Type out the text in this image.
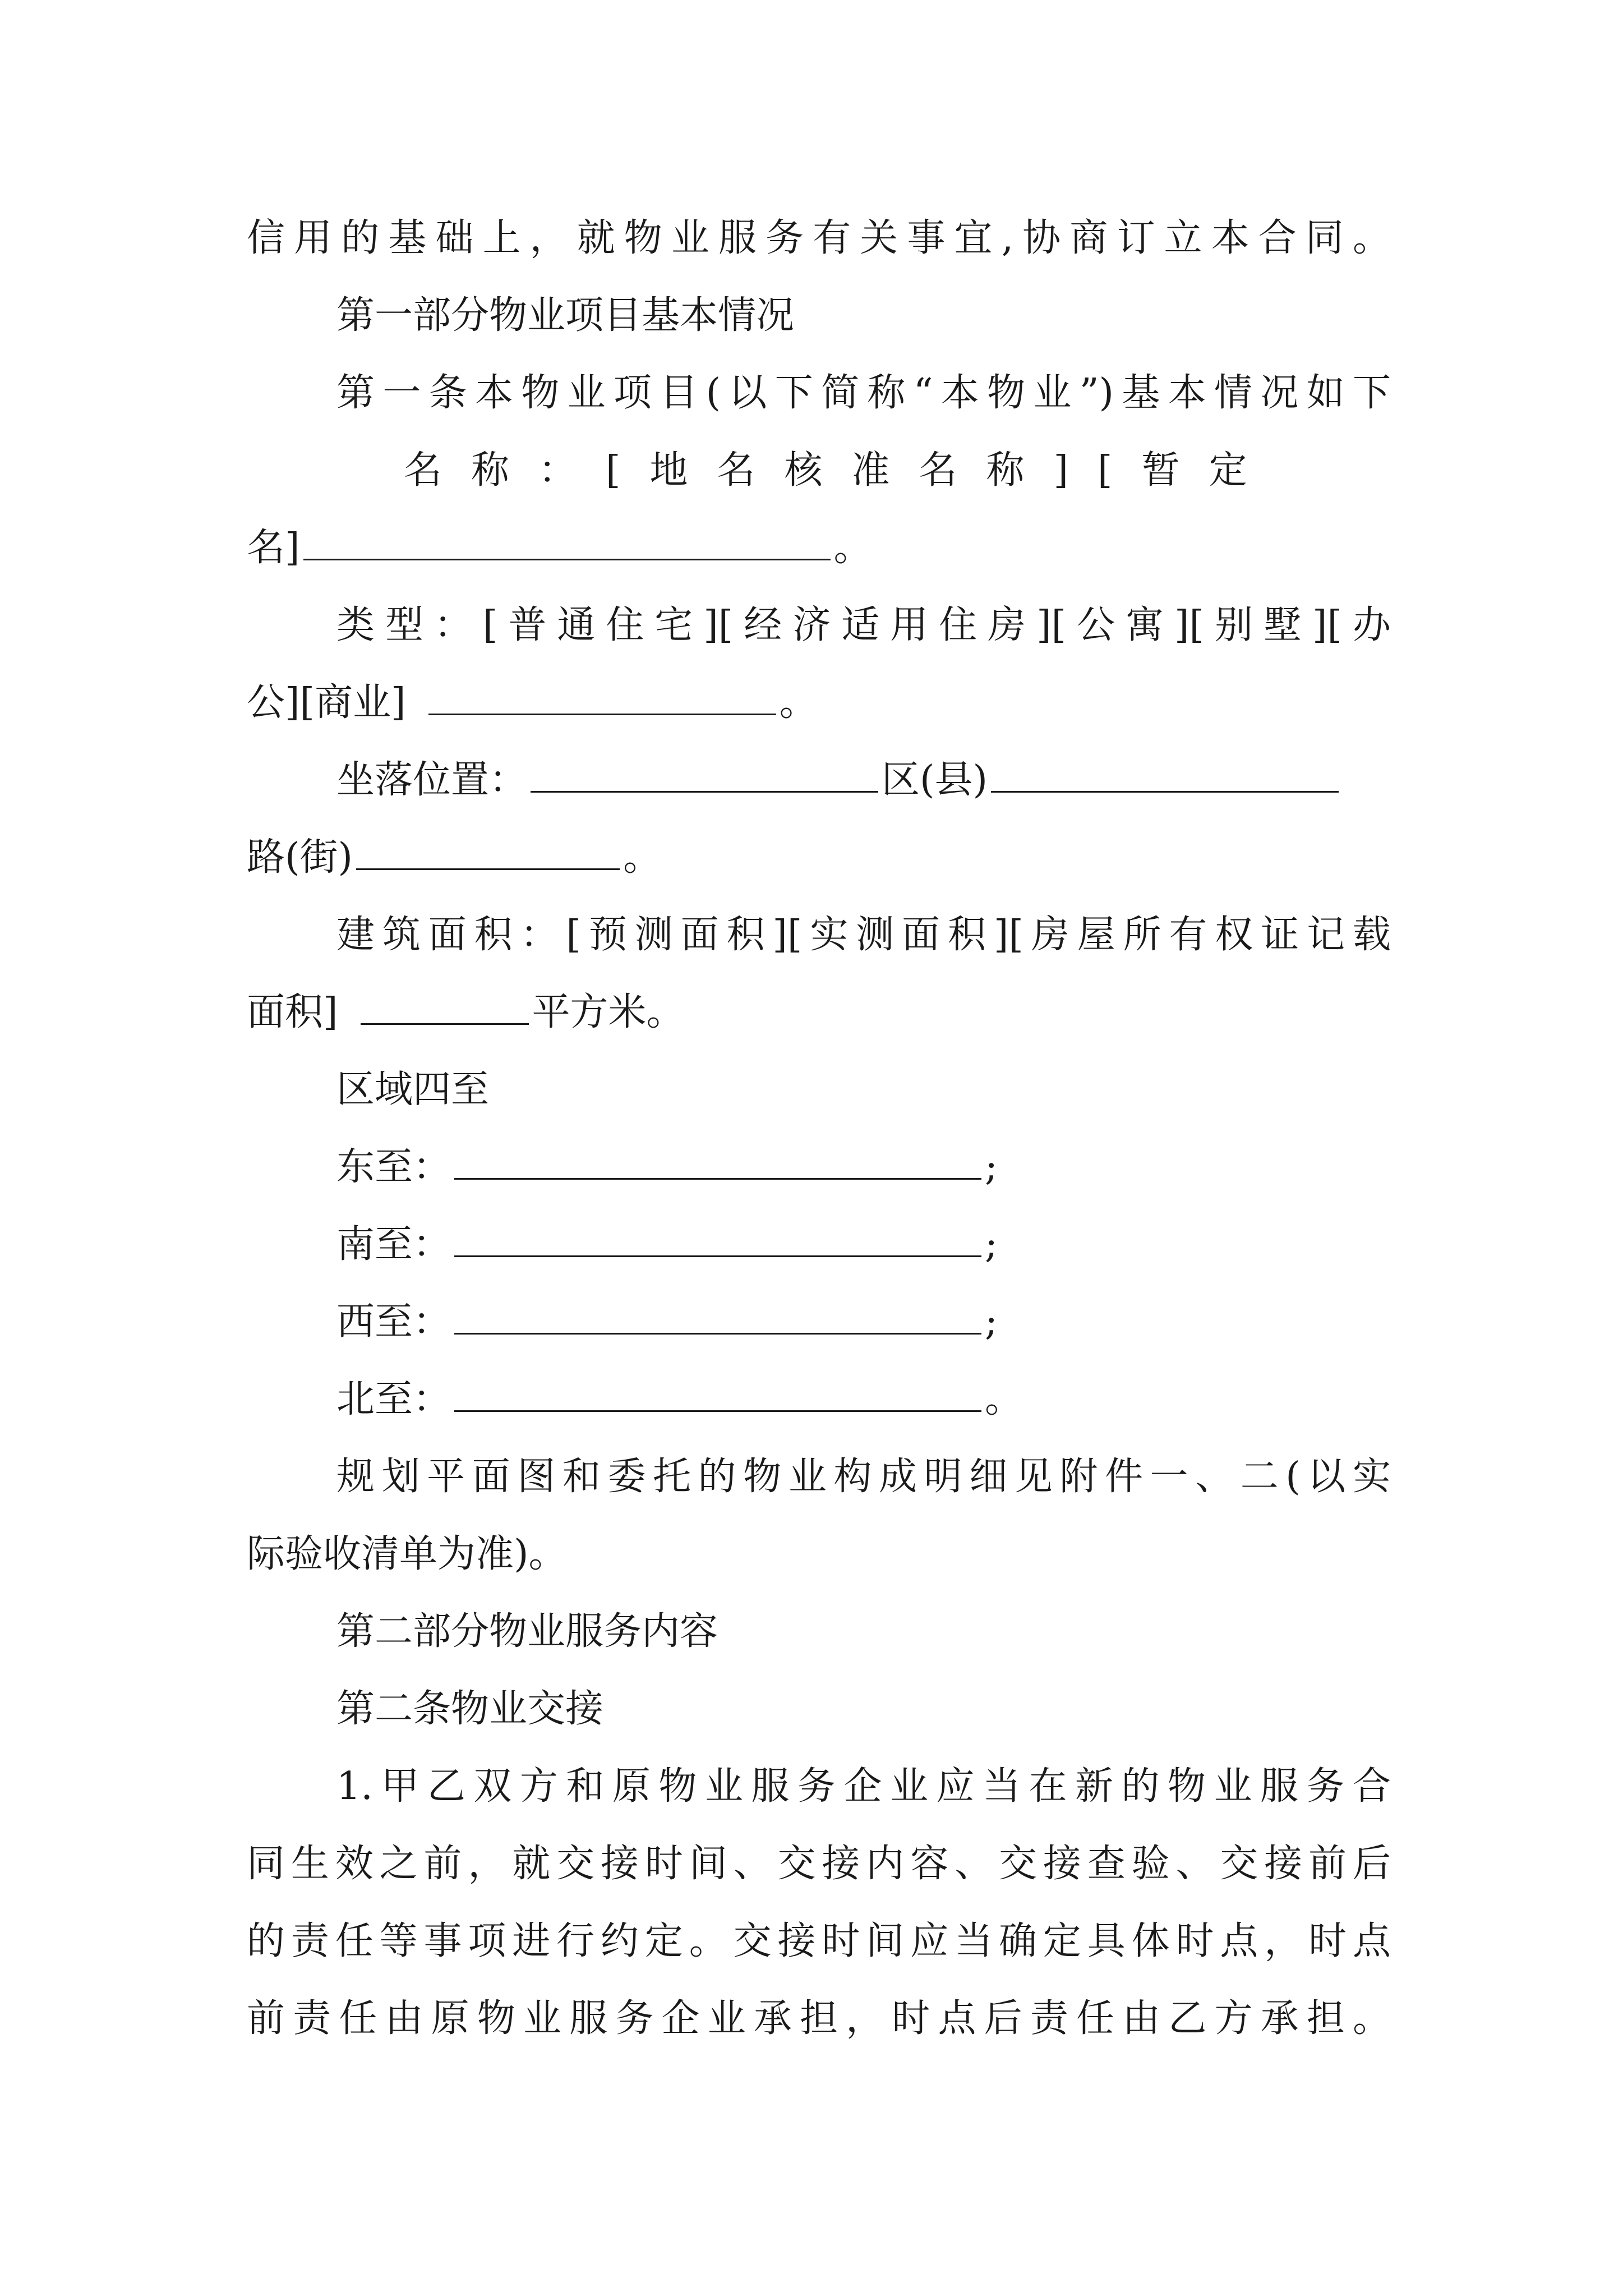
信用的基础上，就物业服务有关事宜,协商订立本合同。
第一部分物业项目基本情况
第一条本物业项目(以下简称“本物业”)基本情况如下
名称：[地名核准名称][暂定
名]	。
类型：[普通住宅][经济适用住房][公寓][别墅][办
公][商业]	。
坐落位置：	区(县)
路(街)	。
建筑面积：[预测面积][实测面积][房屋所有权证记载
面积]	平方米。
区域四至
东至：	;
南至：	;
西至：	;
北至：	。
规划平面图和委托的物业构成明细见附件一、二(以实
际验收清单为准)。
第二部分物业服务内容
第二条物业交接
1.甲乙双方和原物业服务企业应当在新的物业服务合
同生效之前，就交接时间、交接内容、交接查验、交接前后
的责任等事项进行约定。交接时间应当确定具体时点，时点
前责任由原物业服务企业承担，时点后责任由乙方承担。
